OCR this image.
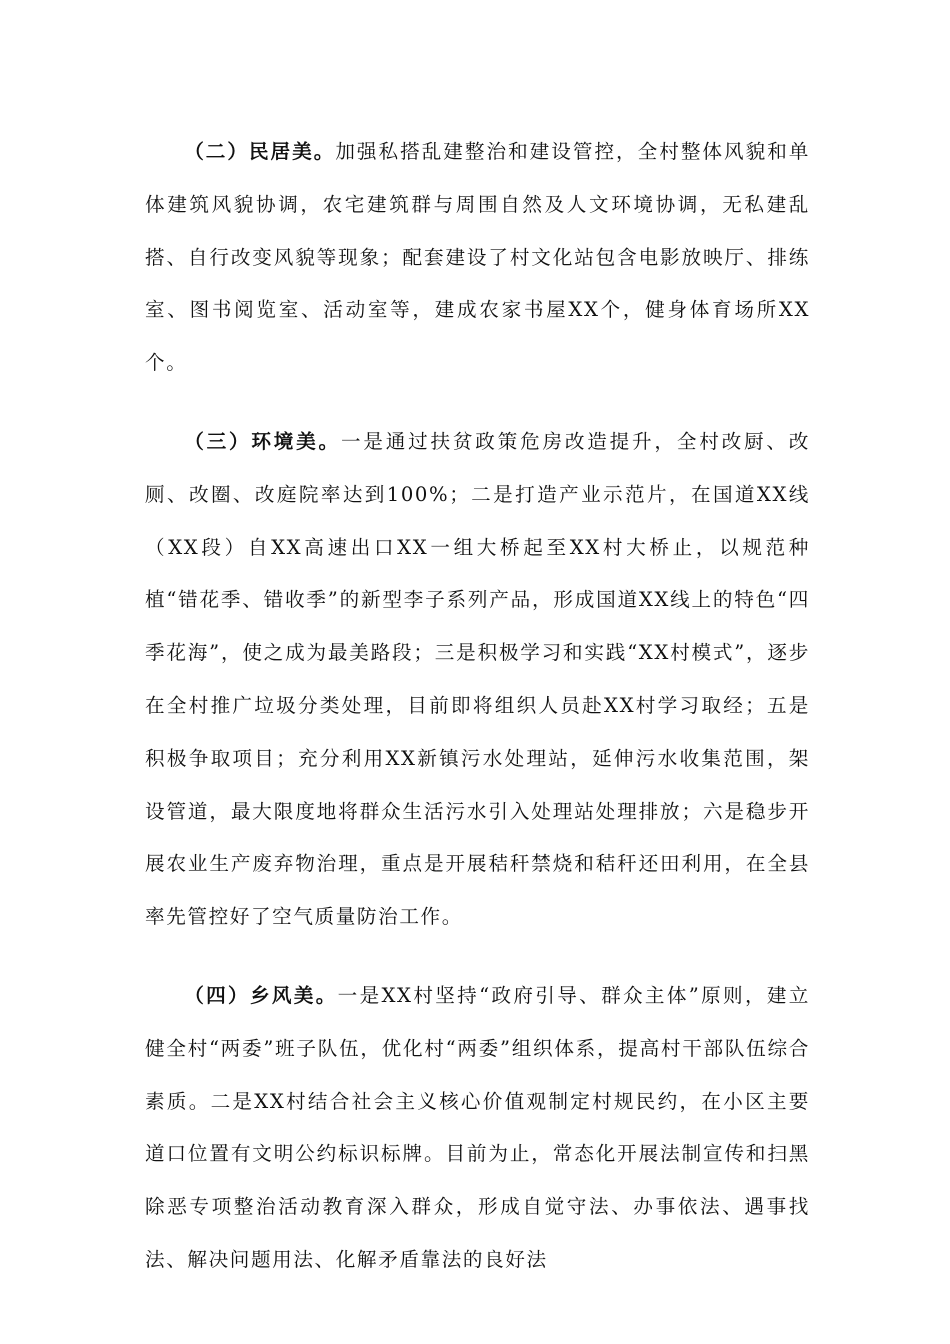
（二）民居美。加强私搭乱建整治和建设管控，全村整体风貌和单体建筑风貌协调，农宅建筑群与周围自然及人文环境协调，无私建乱搭、自行改变风貌等现象；配套建设了村文化站包含电影放映厅、排练室、图书阅览室、活动室等，建成农家书屋XX个，健身体育场所XX个。

（三）环境美。一是通过扶贫政策危房改造提升，全村改厨、改厕、改圈、改庭院率达到100%；二是打造产业示范片，在国道XX线（XX段）自XX高速出口XX一组大桥起至XX村大桥止，以规范种植“错花季、错收季”的新型李子系列产品，形成国道XX线上的特色“四季花海”，使之成为最美路段；三是积极学习和实践“XX村模式”，逐步在全村推广垃圾分类处理，目前即将组织人员赴XX村学习取经；五是积极争取项目；充分利用XX新镇污水处理站，延伸污水收集范围，架设管道，最大限度地将群众生活污水引入处理站处理排放；六是稳步开展农业生产废弃物治理，重点是开展秸秆禁烧和秸秆还田利用，在全县率先管控好了空气质量防治工作。

（四）乡风美。一是XX村坚持“政府引导、群众主体”原则，建立健全村“两委”班子队伍，优化村“两委”组织体系，提高村干部队伍综合素质。二是XX村结合社会主义核心价值观制定村规民约，在小区主要道口位置有文明公约标识标牌。目前为止，常态化开展法制宣传和扫黑除恶专项整治活动教育深入群众，形成自觉守法、办事依法、遇事找法、解决问题用法、化解矛盾靠法的良好法
